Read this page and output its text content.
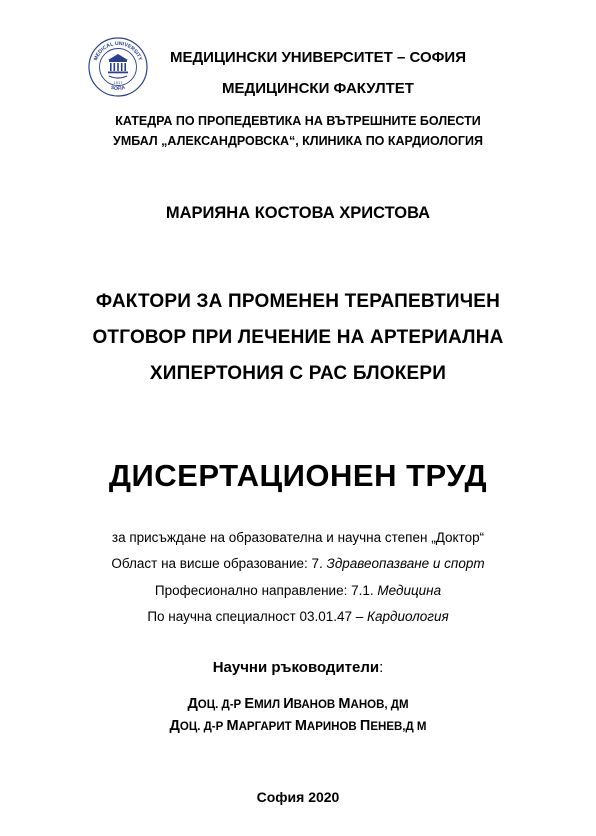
MEDICAL UNIVERSITY
SOFIA
1917
МЕДИЦИНСКИ УНИВЕРСИТЕТ – СОФИЯ
МЕДИЦИНСКИ ФАКУЛТЕТ
КАТЕДРА ПО ПРОПЕДЕВТИКА НА ВЪТРЕШНИТЕ БОЛЕСТИ
УМБАЛ „АЛЕКСАНДРОВСКА“, КЛИНИКА ПО КАРДИОЛОГИЯ
МАРИЯНА КОСТОВА ХРИСТОВА
ФАКТОРИ ЗА ПРОМЕНЕН ТЕРАПЕВТИЧЕН
ОТГОВОР ПРИ ЛЕЧЕНИЕ НА АРТЕРИАЛНА
ХИПЕРТОНИЯ С РАС БЛОКЕРИ
ДИСЕРТАЦИОНЕН ТРУД
за присъждане на образователна и научна степен „Доктор“
Област на висше образование: 7. Здравеопазване и спорт
Професионално направление: 7.1. Медицина
По научна специалност 03.01.47 – Кардиология
Научни ръководители:
ДОЦ. Д-Р ЕМИЛ ИВАНОВ МАНОВ, ДМ
ДОЦ. Д-Р МАРГАРИТ МАРИНОВ ПЕНЕВ,Д М
София 2020
